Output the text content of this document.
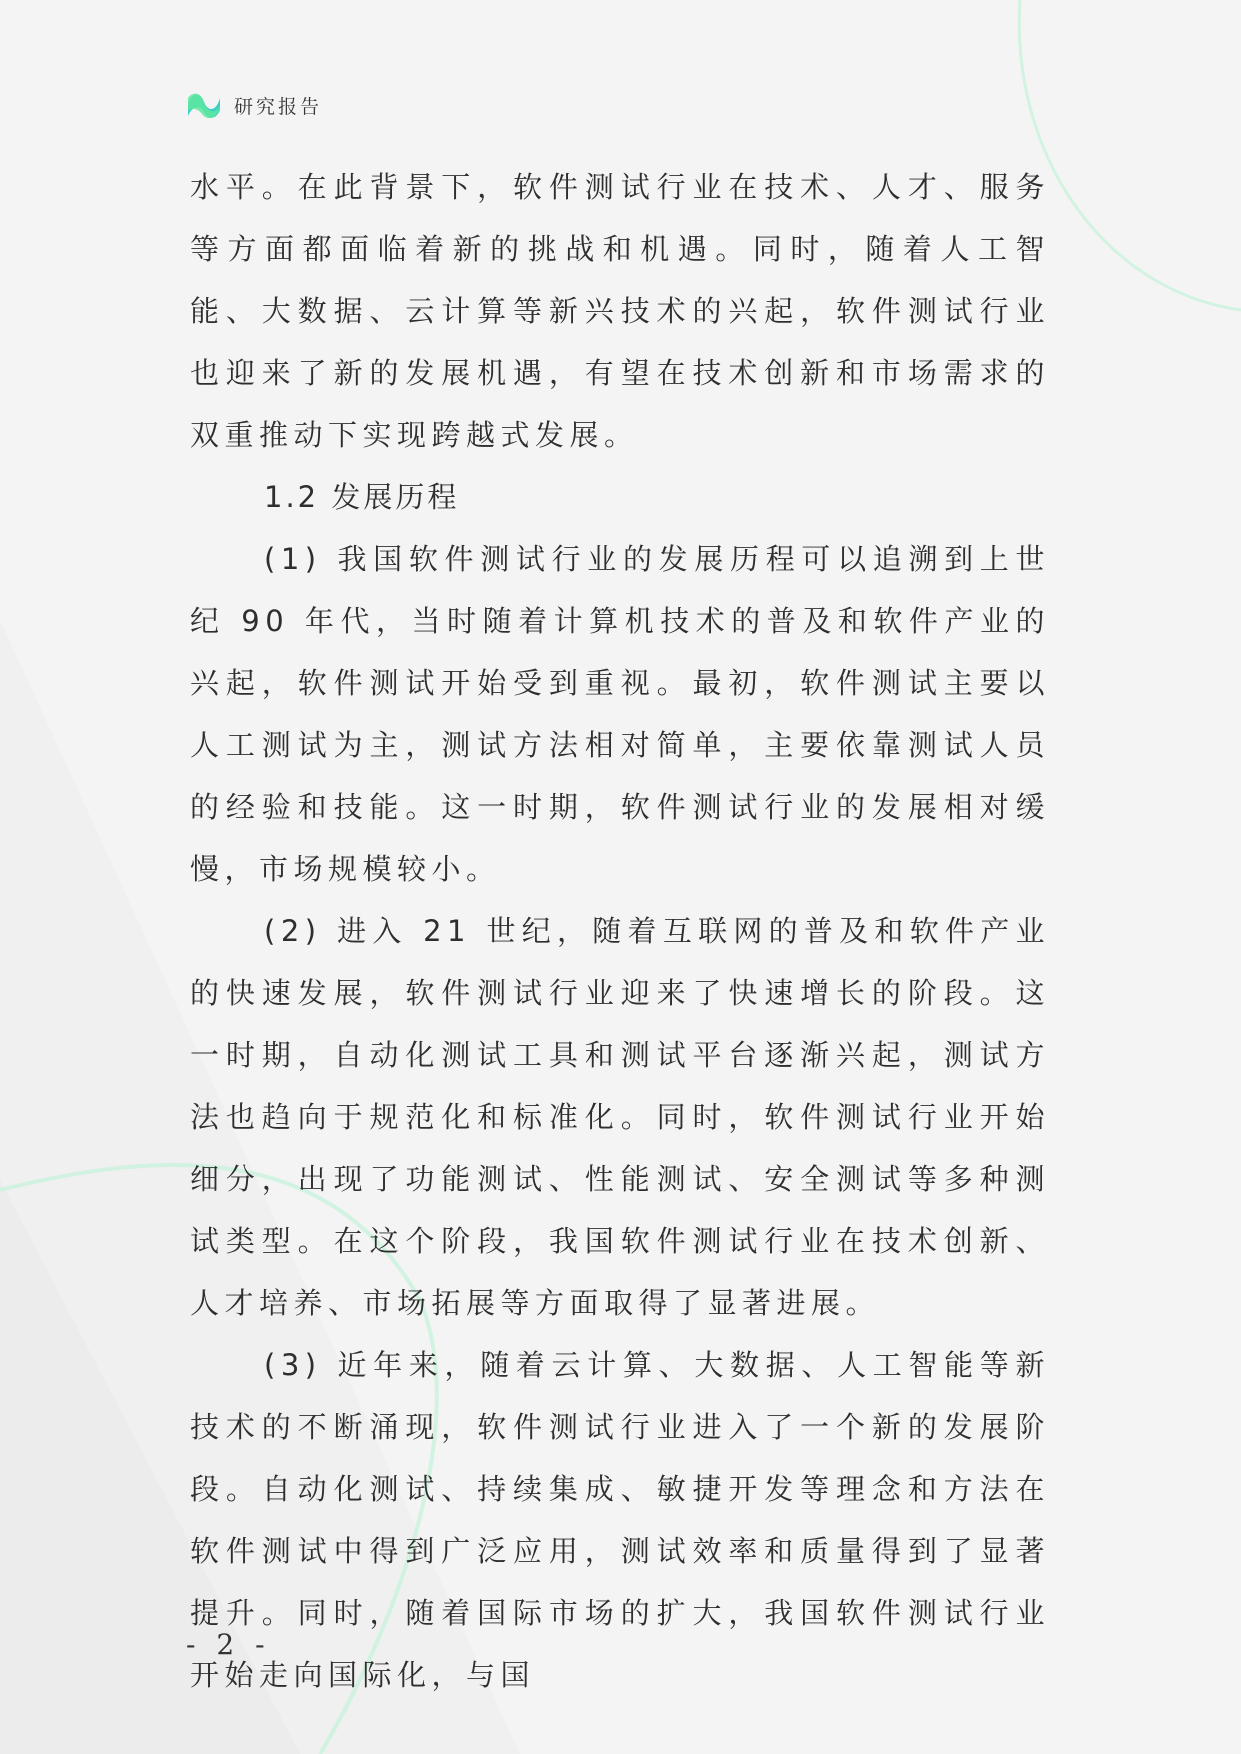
研究报告

水平。在此背景下，软件测试行业在技术、人才、服务等方面都面临着新的挑战和机遇。同时，随着人工智能、大数据、云计算等新兴技术的兴起，软件测试行业也迎来了新的发展机遇，有望在技术创新和市场需求的双重推动下实现跨越式发展。

1.2 发展历程

(1) 我国软件测试行业的发展历程可以追溯到上世纪 90 年代，当时随着计算机技术的普及和软件产业的兴起，软件测试开始受到重视。最初，软件测试主要以人工测试为主，测试方法相对简单，主要依靠测试人员的经验和技能。这一时期，软件测试行业的发展相对缓慢，市场规模较小。

(2) 进入 21 世纪，随着互联网的普及和软件产业的快速发展，软件测试行业迎来了快速增长的阶段。这一时期，自动化测试工具和测试平台逐渐兴起，测试方法也趋向于规范化和标准化。同时，软件测试行业开始细分，出现了功能测试、性能测试、安全测试等多种测试类型。在这个阶段，我国软件测试行业在技术创新、人才培养、市场拓展等方面取得了显著进展。

(3) 近年来，随着云计算、大数据、人工智能等新技术的不断涌现，软件测试行业进入了一个新的发展阶段。自动化测试、持续集成、敏捷开发等理念和方法在软件测试中得到广泛应用，测试效率和质量得到了显著提升。同时，随着国际市场的扩大，我国软件测试行业开始走向国际化，与国

- 2 -
